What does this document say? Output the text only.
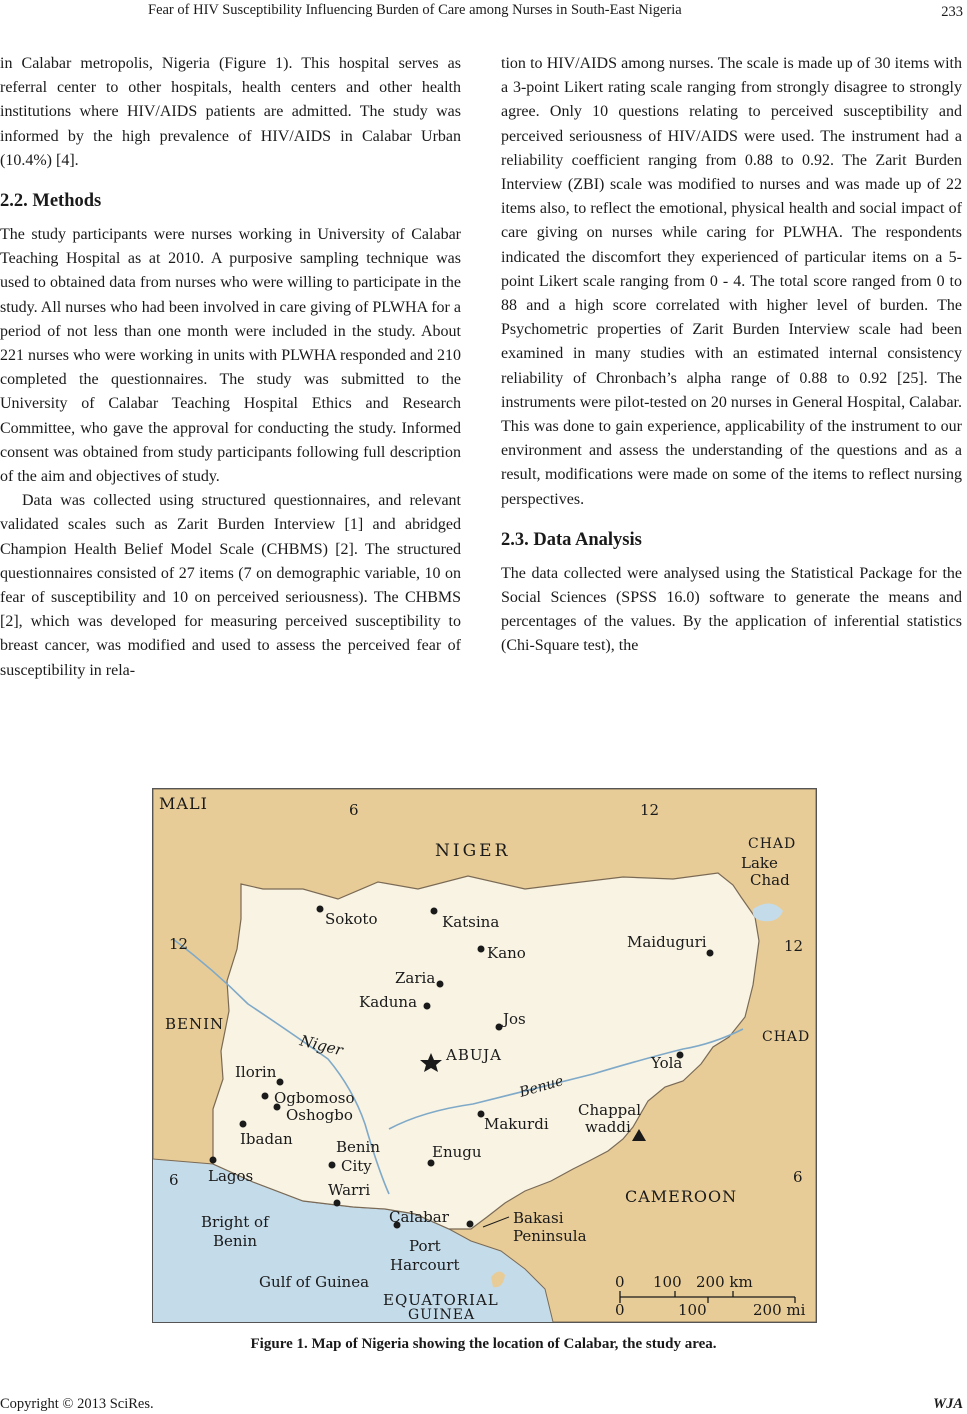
Fear of HIV Susceptibility Influencing Burden of Care among Nurses in South-East Nigeria	233

in Calabar metropolis, Nigeria (Figure 1). This hospital serves as referral center to other hospitals, health centers and other health institutions where HIV/AIDS patients are admitted. The study was informed by the high prevalence of HIV/AIDS in Calabar Urban (10.4%) [4].

2.2. Methods

The study participants were nurses working in University of Calabar Teaching Hospital as at 2010. A purposive sampling technique was used to obtained data from nurses who were willing to participate in the study. All nurses who had been involved in care giving of PLWHA for a period of not less than one month were included in the study. About 221 nurses who were working in units with PLWHA responded and 210 completed the questionnaires. The study was submitted to the University of Calabar Teaching Hospital Ethics and Research Committee, who gave the approval for conducting the study. Informed consent was obtained from study participants following full description of the aim and objectives of study.

Data was collected using structured questionnaires, and relevant validated scales such as Zarit Burden Interview [1] and abridged Champion Health Belief Model Scale (CHBMS) [2]. The structured questionnaires consisted of 27 items (7 on demographic variable, 10 on fear of susceptibility and 10 on perceived seriousness). The CHBMS [2], which was developed for measuring perceived susceptibility to breast cancer, was modified and used to assess the perceived fear of susceptibility in rela-

tion to HIV/AIDS among nurses. The scale is made up of 30 items with a 3-point Likert rating scale ranging from strongly disagree to strongly agree. Only 10 questions relating to perceived susceptibility and perceived seriousness of HIV/AIDS were used. The instrument had a reliability coefficient ranging from 0.88 to 0.92. The Zarit Burden Interview (ZBI) scale was modified to nurses and was made up of 22 items also, to reflect the emotional, physical health and social impact of care giving on nurses while caring for PLWHA. The respondents indicated the discomfort they experienced of particular items on a 5-point Likert scale ranging from 0 - 4. The total score ranged from 0 to 88 and a high score correlated with higher level of burden. The Psychometric properties of Zarit Burden Interview scale had been examined in many studies with an estimated internal consistency reliability of Chronbach’s alpha range of 0.88 to 0.92 [25]. The instruments were pilot-tested on 20 nurses in General Hospital, Calabar. This was done to gain experience, applicability of the instrument to our environment and assess the understanding of the questions and as a result, modifications were made on some of the items to reflect nursing perspectives.

2.3. Data Analysis

The data collected were analysed using the Statistical Package for the Social Sciences (SPSS 16.0) software to generate the means and percentages of the values. By the application of inferential statistics (Chi-Square test), the

MALI
NIGER	CHAD
Lake
Chad
BENIN
CHAD
CAMEROON
Bright of
Benin
Gulf of Guinea
EQUATORIAL
GUINEA
Niger
Benue
6	12
12	12
6	6
Sokoto	Katsina
Kano
Maiduguri
Zaria
Kaduna
Jos
ABUJA	Yola
Ilorin
Ogbomoso
Oshogbo
Ibadan
Makurdi
Chappal
waddi
Benin
City
Enugu
Lagos
Warri
Calabar
Port
Harcourt
Bakasi
Peninsula
0 100 200 km
0	100	200 mi
Figure 1. Map of Nigeria showing the location of Calabar, the study area.
Copyright © 2013 SciRes.	WJA
